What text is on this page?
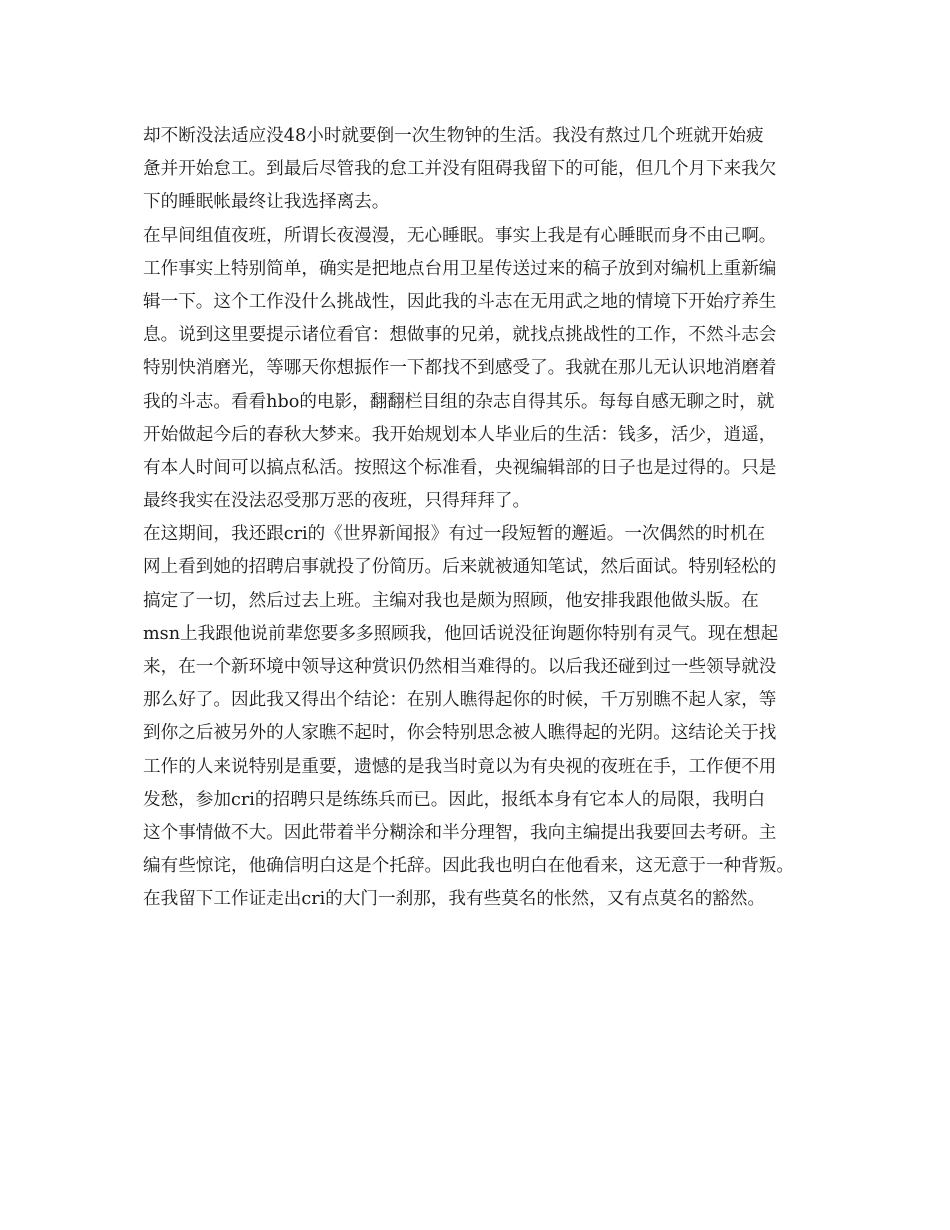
却不断没法适应没48小时就要倒一次生物钟的生活。我没有熬过几个班就开始疲
惫并开始怠工。到最后尽管我的怠工并没有阻碍我留下的可能，但几个月下来我欠
下的睡眠帐最终让我选择离去。
在早间组值夜班，所谓长夜漫漫，无心睡眠。事实上我是有心睡眠而身不由己啊。
工作事实上特别简单，确实是把地点台用卫星传送过来的稿子放到对编机上重新编
辑一下。这个工作没什么挑战性，因此我的斗志在无用武之地的情境下开始疗养生
息。说到这里要提示诸位看官：想做事的兄弟，就找点挑战性的工作，不然斗志会
特别快消磨光，等哪天你想振作一下都找不到感受了。我就在那儿无认识地消磨着
我的斗志。看看hbo的电影，翻翻栏目组的杂志自得其乐。每每自感无聊之时，就
开始做起今后的春秋大梦来。我开始规划本人毕业后的生活：钱多，活少，逍遥，
有本人时间可以搞点私活。按照这个标准看，央视编辑部的日子也是过得的。只是
最终我实在没法忍受那万恶的夜班，只得拜拜了。
在这期间，我还跟cri的《世界新闻报》有过一段短暂的邂逅。一次偶然的时机在
网上看到她的招聘启事就投了份简历。后来就被通知笔试，然后面试。特别轻松的
搞定了一切，然后过去上班。主编对我也是颇为照顾，他安排我跟他做头版。在
msn上我跟他说前辈您要多多照顾我，他回话说没征询题你特别有灵气。现在想起
来，在一个新环境中领导这种赏识仍然相当难得的。以后我还碰到过一些领导就没
那么好了。因此我又得出个结论：在别人瞧得起你的时候，千万别瞧不起人家，等
到你之后被另外的人家瞧不起时，你会特别思念被人瞧得起的光阴。这结论关于找
工作的人来说特别是重要，遗憾的是我当时竟以为有央视的夜班在手，工作便不用
发愁，参加cri的招聘只是练练兵而已。因此，报纸本身有它本人的局限，我明白
这个事情做不大。因此带着半分糊涂和半分理智，我向主编提出我要回去考研。主
编有些惊诧，他确信明白这是个托辞。因此我也明白在他看来，这无意于一种背叛。
在我留下工作证走出cri的大门一刹那，我有些莫名的怅然，又有点莫名的豁然。
